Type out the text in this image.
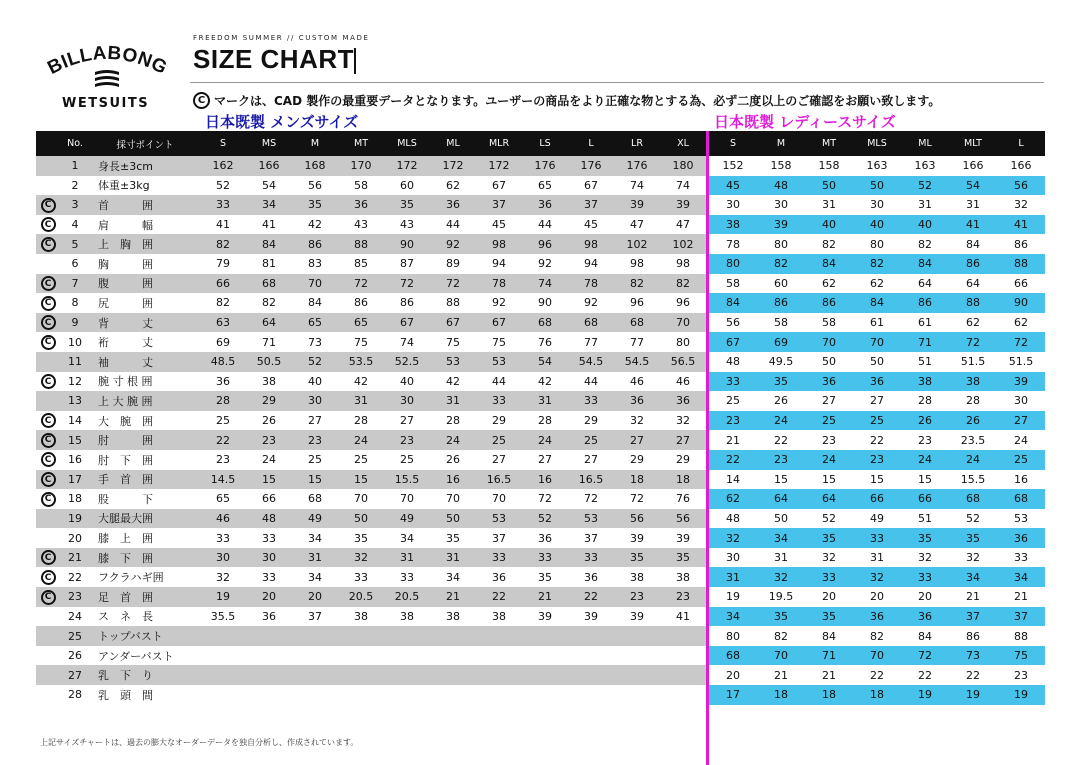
BILLABONG
WETSUITS
FREEDOM SUMMER // CUSTOM MADE
SIZE CHART
C マークは、CAD 製作の最重要データとなります。ユーザーの商品をより正確な物とする為、必ず二度以上のご確認をお願い致します。
日本既製 メンズサイズ	日本既製 レディースサイズ
	No.	採寸ポイント	S	MS	M	MT	MLS	ML	MLR	LS	L	LR	XL
	1	身長±3cm	162	166	168	170	172	172	172	176	176	176	180
	2	体重±3kg	52	54	56	58	60	62	67	65	67	74	74
C	3	首　　　囲	33	34	35	36	35	36	37	36	37	39	39
C	4	肩　　　幅	41	41	42	43	43	44	45	44	45	47	47
C	5	上　胸　囲	82	84	86	88	90	92	98	96	98	102	102
	6	胸　　　囲	79	81	83	85	87	89	94	92	94	98	98
C	7	腹　　　囲	66	68	70	72	72	72	78	74	78	82	82
C	8	尻　　　囲	82	82	84	86	86	88	92	90	92	96	96
C	9	背　　　丈	63	64	65	65	67	67	67	68	68	68	70
C	10	裄　　　丈	69	71	73	75	74	75	75	76	77	77	80
	11	袖　　　丈	48.5	50.5	52	53.5	52.5	53	53	54	54.5	54.5	56.5
C	12	腕 寸 根 囲	36	38	40	42	40	42	44	42	44	46	46
	13	上 大 腕 囲	28	29	30	31	30	31	33	31	33	36	36
C	14	大　腕　囲	25	26	27	28	27	28	29	28	29	32	32
C	15	肘　　　囲	22	23	23	24	23	24	25	24	25	27	27
C	16	肘　下　囲	23	24	25	25	25	26	27	27	27	29	29
C	17	手　首　囲	14.5	15	15	15	15.5	16	16.5	16	16.5	18	18
C	18	股　　　下	65	66	68	70	70	70	70	72	72	72	76
	19	大腿最大囲	46	48	49	50	49	50	53	52	53	56	56
	20	膝　上　囲	33	33	34	35	34	35	37	36	37	39	39
C	21	膝　下　囲	30	30	31	32	31	31	33	33	33	35	35
C	22	フクラハギ囲	32	33	34	33	33	34	36	35	36	38	38
C	23	足　首　囲	19	20	20	20.5	20.5	21	22	21	22	23	23
	24	ス　ネ　長	35.5	36	37	38	38	38	38	39	39	39	41
	25	トップバスト											
	26	アンダーバスト											
	27	乳　下　り											
	28	乳　頭　間											
S	M	MT	MLS	ML	MLT	L
152	158	158	163	163	166	166
45	48	50	50	52	54	56
30	30	31	30	31	31	32
38	39	40	40	40	41	41
78	80	82	80	82	84	86
80	82	84	82	84	86	88
58	60	62	62	64	64	66
84	86	86	84	86	88	90
56	58	58	61	61	62	62
67	69	70	70	71	72	72
48	49.5	50	50	51	51.5	51.5
33	35	36	36	38	38	39
25	26	27	27	28	28	30
23	24	25	25	26	26	27
21	22	23	22	23	23.5	24
22	23	24	23	24	24	25
14	15	15	15	15	15.5	16
62	64	64	66	66	68	68
48	50	52	49	51	52	53
32	34	35	33	35	35	36
30	31	32	31	32	32	33
31	32	33	32	33	34	34
19	19.5	20	20	20	21	21
34	35	35	36	36	37	37
80	82	84	82	84	86	88
68	70	71	70	72	73	75
20	21	21	22	22	22	23
17	18	18	18	19	19	19
上記サイズチャートは、過去の膨大なオーダーデータを独自分析し、作成されています。
